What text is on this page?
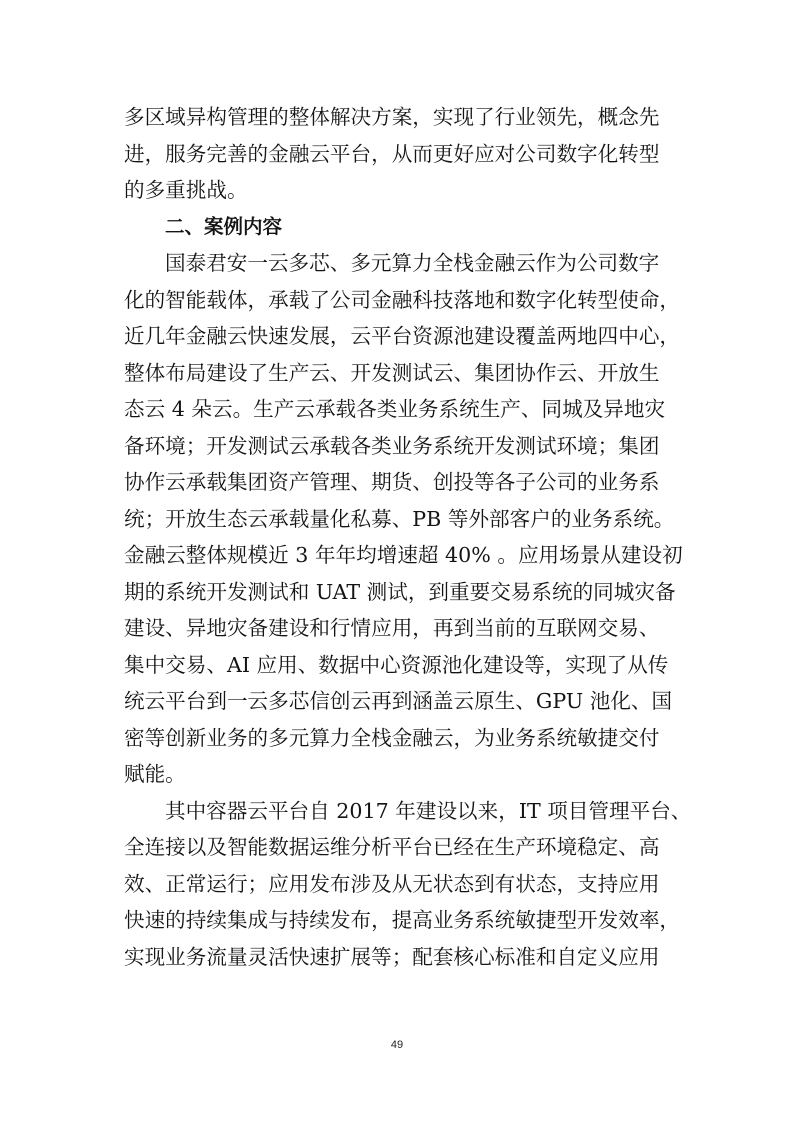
多区域异构管理的整体解决方案，实现了行业领先，概念先
进，服务完善的金融云平台，从而更好应对公司数字化转型
的多重挑战。
二、案例内容
国泰君安一云多芯、多元算力全栈金融云作为公司数字
化的智能载体，承载了公司金融科技落地和数字化转型使命，
近几年金融云快速发展，云平台资源池建设覆盖两地四中心，
整体布局建设了生产云、开发测试云、集团协作云、开放生
态云 4 朵云。生产云承载各类业务系统生产、同城及异地灾
备环境；开发测试云承载各类业务系统开发测试环境；集团
协作云承载集团资产管理、期货、创投等各子公司的业务系
统；开放生态云承载量化私募、PB 等外部客户的业务系统。
金融云整体规模近 3 年年均增速超 40% 。应用场景从建设初
期的系统开发测试和 UAT 测试，到重要交易系统的同城灾备
建设、异地灾备建设和行情应用，再到当前的互联网交易、
集中交易、AI 应用、数据中心资源池化建设等，实现了从传
统云平台到一云多芯信创云再到涵盖云原生、GPU 池化、国
密等创新业务的多元算力全栈金融云，为业务系统敏捷交付
赋能。
其中容器云平台自 2017 年建设以来，IT 项目管理平台、
全连接以及智能数据运维分析平台已经在生产环境稳定、高
效、正常运行；应用发布涉及从无状态到有状态，支持应用
快速的持续集成与持续发布，提高业务系统敏捷型开发效率，
实现业务流量灵活快速扩展等；配套核心标准和自定义应用
49
